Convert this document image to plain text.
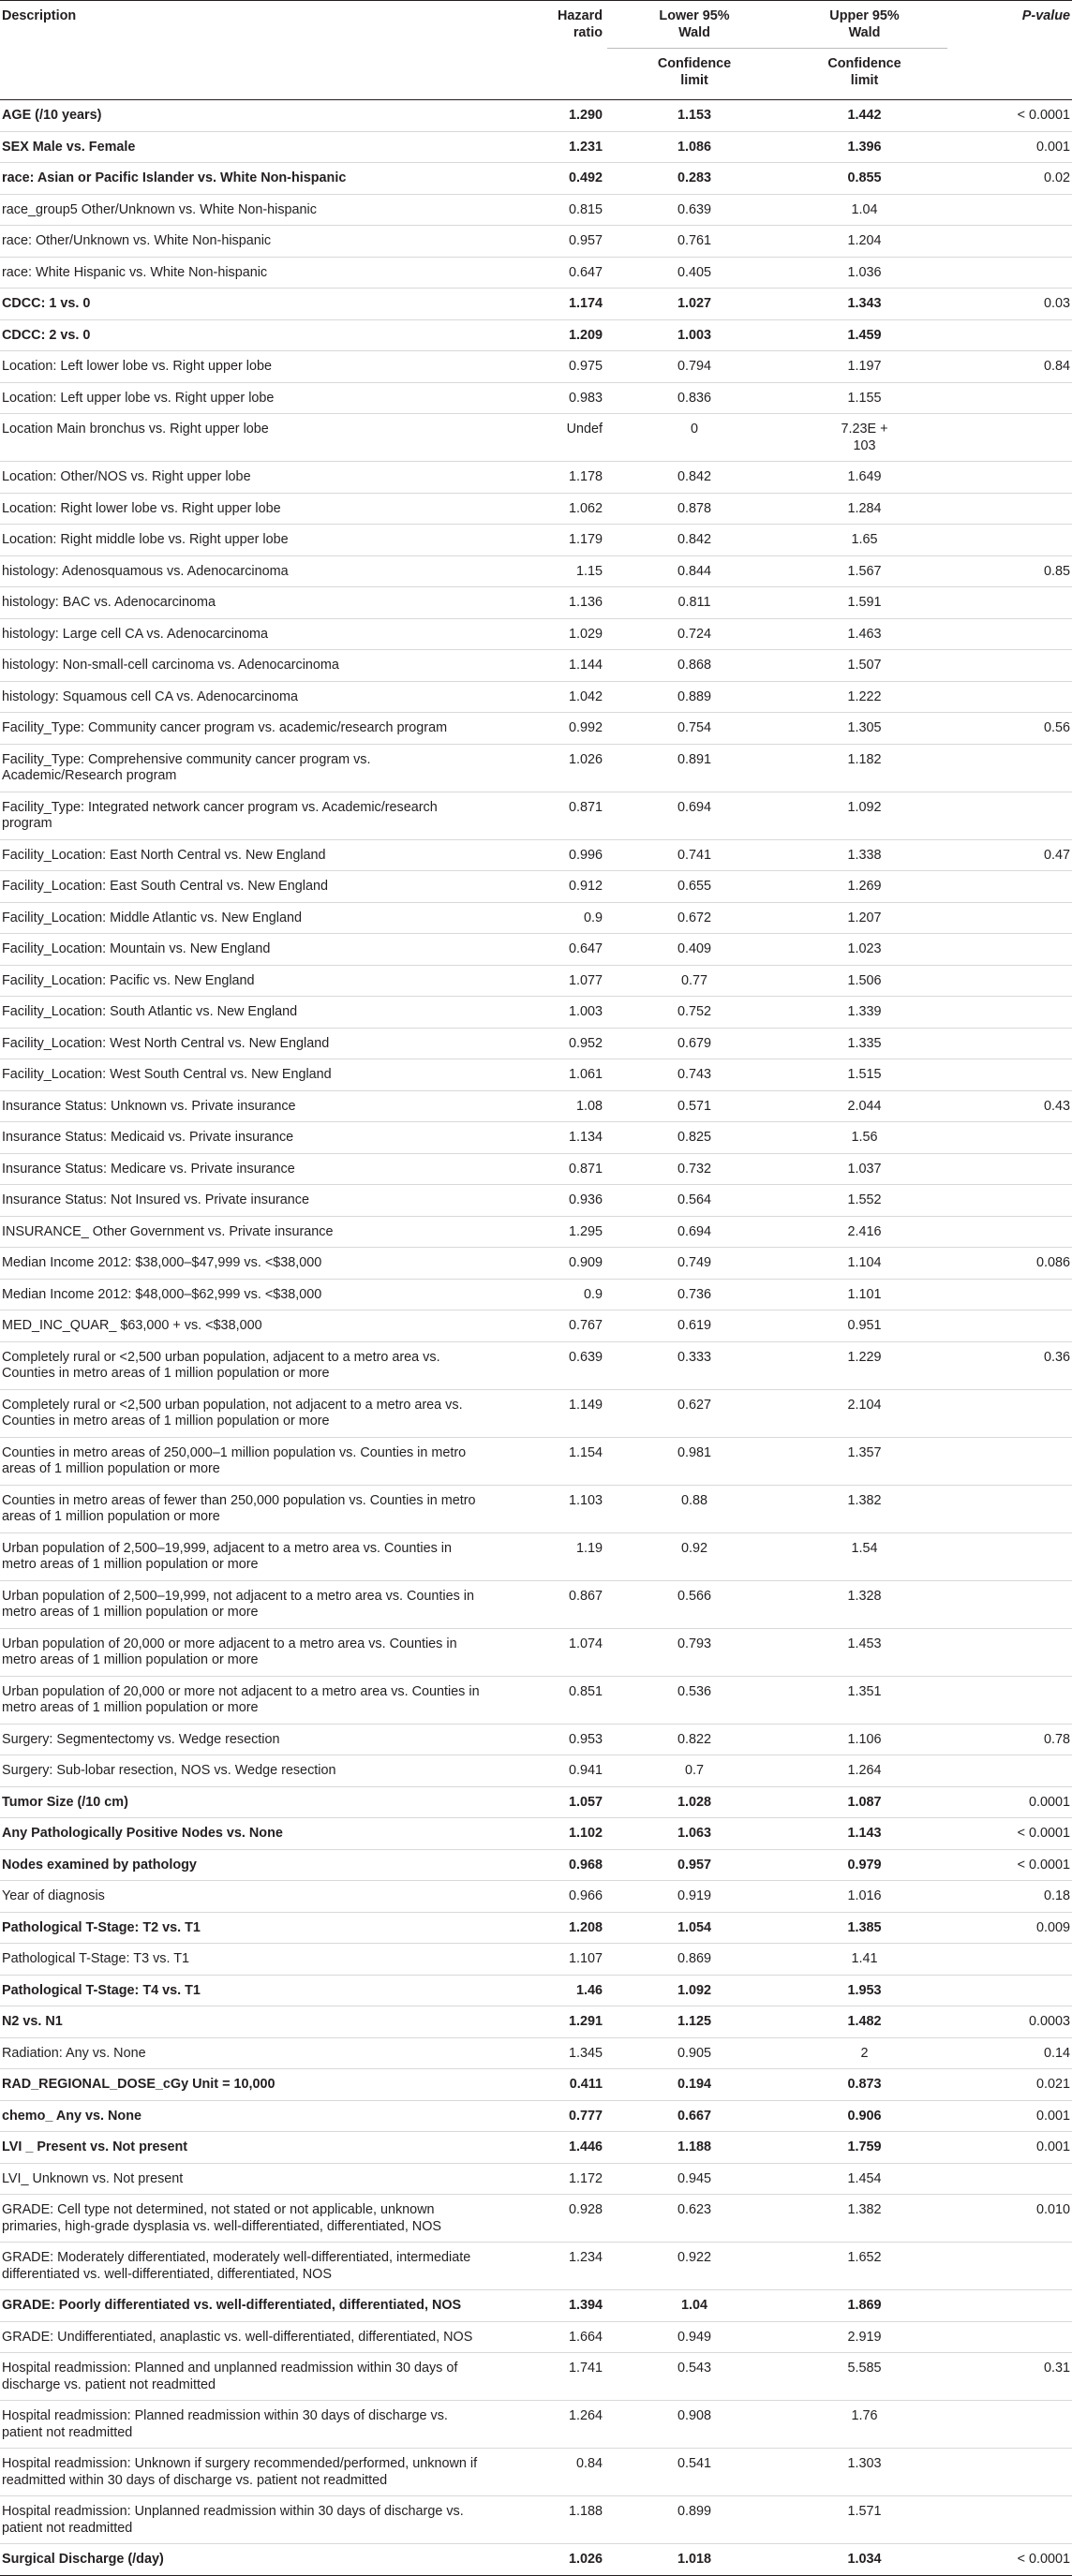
Description	Hazard ratio	Lower 95% Wald	Upper 95% Wald	P-value
		Confidence limit	Confidence limit	
AGE (/10 years)	1.290	1.153	1.442	< 0.0001
SEX Male vs. Female	1.231	1.086	1.396	0.001
race: Asian or Pacific Islander vs. White Non-hispanic	0.492	0.283	0.855	0.02
race_group5 Other/Unknown vs. White Non-hispanic	0.815	0.639	1.04	
race: Other/Unknown vs. White Non-hispanic	0.957	0.761	1.204	
race: White Hispanic vs. White Non-hispanic	0.647	0.405	1.036	
CDCC: 1 vs. 0	1.174	1.027	1.343	0.03
CDCC: 2 vs. 0	1.209	1.003	1.459	
Location: Left lower lobe vs. Right upper lobe	0.975	0.794	1.197	0.84
Location: Left upper lobe vs. Right upper lobe	0.983	0.836	1.155	
Location Main bronchus vs. Right upper lobe	Undef	0	7.23E + 103	
Location: Other/NOS vs. Right upper lobe	1.178	0.842	1.649	
Location: Right lower lobe vs. Right upper lobe	1.062	0.878	1.284	
Location: Right middle lobe vs. Right upper lobe	1.179	0.842	1.65	
histology: Adenosquamous vs. Adenocarcinoma	1.15	0.844	1.567	0.85
histology: BAC vs. Adenocarcinoma	1.136	0.811	1.591	
histology: Large cell CA vs. Adenocarcinoma	1.029	0.724	1.463	
histology: Non-small-cell carcinoma vs. Adenocarcinoma	1.144	0.868	1.507	
histology: Squamous cell CA vs. Adenocarcinoma	1.042	0.889	1.222	
Facility_Type: Community cancer program vs. academic/research program	0.992	0.754	1.305	0.56
Facility_Type: Comprehensive community cancer program vs. Academic/Research program	1.026	0.891	1.182	
Facility_Type: Integrated network cancer program vs. Academic/research program	0.871	0.694	1.092	
Facility_Location: East North Central vs. New England	0.996	0.741	1.338	0.47
Facility_Location: East South Central vs. New England	0.912	0.655	1.269	
Facility_Location: Middle Atlantic vs. New England	0.9	0.672	1.207	
Facility_Location: Mountain vs. New England	0.647	0.409	1.023	
Facility_Location: Pacific vs. New England	1.077	0.77	1.506	
Facility_Location: South Atlantic vs. New England	1.003	0.752	1.339	
Facility_Location: West North Central vs. New England	0.952	0.679	1.335	
Facility_Location: West South Central vs. New England	1.061	0.743	1.515	
Insurance Status: Unknown vs. Private insurance	1.08	0.571	2.044	0.43
Insurance Status: Medicaid vs. Private insurance	1.134	0.825	1.56	
Insurance Status: Medicare vs. Private insurance	0.871	0.732	1.037	
Insurance Status: Not Insured vs. Private insurance	0.936	0.564	1.552	
INSURANCE_ Other Government vs. Private insurance	1.295	0.694	2.416	
Median Income 2012: $38,000–$47,999 vs. <$38,000	0.909	0.749	1.104	0.086
Median Income 2012: $48,000–$62,999 vs. <$38,000	0.9	0.736	1.101	
MED_INC_QUAR_ $63,000 + vs. <$38,000	0.767	0.619	0.951	
Completely rural or <2,500 urban population, adjacent to a metro area vs. Counties in metro areas of 1 million population or more	0.639	0.333	1.229	0.36
Completely rural or <2,500 urban population, not adjacent to a metro area vs. Counties in metro areas of 1 million population or more	1.149	0.627	2.104	
Counties in metro areas of 250,000–1 million population vs. Counties in metro areas of 1 million population or more	1.154	0.981	1.357	
Counties in metro areas of fewer than 250,000 population vs. Counties in metro areas of 1 million population or more	1.103	0.88	1.382	
Urban population of 2,500–19,999, adjacent to a metro area vs. Counties in metro areas of 1 million population or more	1.19	0.92	1.54	
Urban population of 2,500–19,999, not adjacent to a metro area vs. Counties in metro areas of 1 million population or more	0.867	0.566	1.328	
Urban population of 20,000 or more adjacent to a metro area vs. Counties in metro areas of 1 million population or more	1.074	0.793	1.453	
Urban population of 20,000 or more not adjacent to a metro area vs. Counties in metro areas of 1 million population or more	0.851	0.536	1.351	
Surgery: Segmentectomy vs. Wedge resection	0.953	0.822	1.106	0.78
Surgery: Sub-lobar resection, NOS vs. Wedge resection	0.941	0.7	1.264	
Tumor Size (/10 cm)	1.057	1.028	1.087	0.0001
Any Pathologically Positive Nodes vs. None	1.102	1.063	1.143	< 0.0001
Nodes examined by pathology	0.968	0.957	0.979	< 0.0001
Year of diagnosis	0.966	0.919	1.016	0.18
Pathological T-Stage: T2 vs. T1	1.208	1.054	1.385	0.009
Pathological T-Stage: T3 vs. T1	1.107	0.869	1.41	
Pathological T-Stage: T4 vs. T1	1.46	1.092	1.953	
N2 vs. N1	1.291	1.125	1.482	0.0003
Radiation: Any vs. None	1.345	0.905	2	0.14
RAD_REGIONAL_DOSE_cGy Unit = 10,000	0.411	0.194	0.873	0.021
chemo_ Any vs. None	0.777	0.667	0.906	0.001
LVI _ Present vs. Not present	1.446	1.188	1.759	0.001
LVI_ Unknown vs. Not present	1.172	0.945	1.454	
GRADE: Cell type not determined, not stated or not applicable, unknown primaries, high-grade dysplasia vs. well-differentiated, differentiated, NOS	0.928	0.623	1.382	0.010
GRADE: Moderately differentiated, moderately well-differentiated, intermediate differentiated vs. well-differentiated, differentiated, NOS	1.234	0.922	1.652	
GRADE: Poorly differentiated vs. well-differentiated, differentiated, NOS	1.394	1.04	1.869	
GRADE: Undifferentiated, anaplastic vs. well-differentiated, differentiated, NOS	1.664	0.949	2.919	
Hospital readmission: Planned and unplanned readmission within 30 days of discharge vs. patient not readmitted	1.741	0.543	5.585	0.31
Hospital readmission: Planned readmission within 30 days of discharge vs. patient not readmitted	1.264	0.908	1.76	
Hospital readmission: Unknown if surgery recommended/performed, unknown if readmitted within 30 days of discharge vs. patient not readmitted	0.84	0.541	1.303	
Hospital readmission: Unplanned readmission within 30 days of discharge vs. patient not readmitted	1.188	0.899	1.571	
Surgical Discharge (/day)	1.026	1.018	1.034	< 0.0001
